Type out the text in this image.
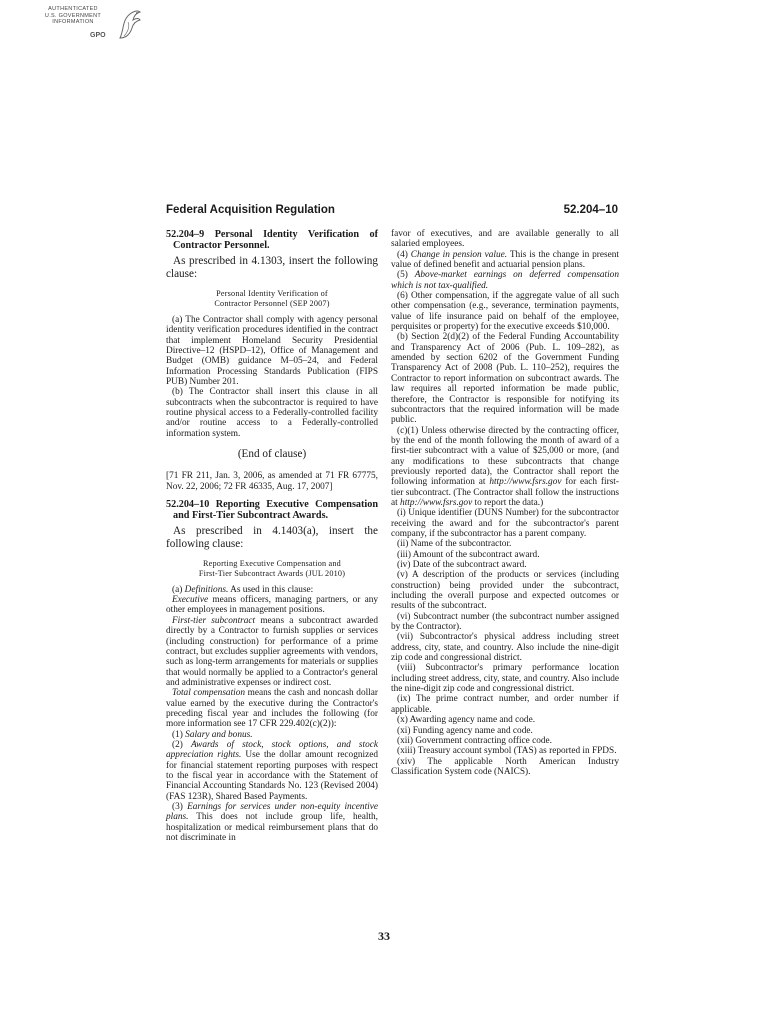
AUTHENTICATED
U.S. GOVERNMENT
INFORMATION
GPO
Federal Acquisition Regulation	52.204–10

52.204–9 Personal Identity Verification of Contractor Personnel.

As prescribed in 4.1303, insert the following clause:

Personal Identity Verification of
Contractor Personnel (SEP 2007)

(a) The Contractor shall comply with agency personal identity verification procedures identified in the contract that implement Homeland Security Presidential Directive–12 (HSPD–12), Office of Management and Budget (OMB) guidance M–05–24, and Federal Information Processing Standards Publication (FIPS PUB) Number 201.

(b) The Contractor shall insert this clause in all subcontracts when the subcontractor is required to have routine physical access to a Federally-controlled facility and/or routine access to a Federally-controlled information system.

(End of clause)

[71 FR 211, Jan. 3, 2006, as amended at 71 FR 67775, Nov. 22, 2006; 72 FR 46335, Aug. 17, 2007]

52.204–10 Reporting Executive Compensation and First-Tier Subcontract Awards.

As prescribed in 4.1403(a), insert the following clause:

Reporting Executive Compensation and
First-Tier Subcontract Awards (JUL 2010)

(a) Definitions. As used in this clause:

Executive means officers, managing partners, or any other employees in management positions.

First-tier subcontract means a subcontract awarded directly by a Contractor to furnish supplies or services (including construction) for performance of a prime contract, but excludes supplier agreements with vendors, such as long-term arrangements for materials or supplies that would normally be applied to a Contractor's general and administrative expenses or indirect cost.

Total compensation means the cash and noncash dollar value earned by the executive during the Contractor's preceding fiscal year and includes the following (for more information see 17 CFR 229.402(c)(2)):

(1) Salary and bonus.

(2) Awards of stock, stock options, and stock appreciation rights. Use the dollar amount recognized for financial statement reporting purposes with respect to the fiscal year in accordance with the Statement of Financial Accounting Standards No. 123 (Revised 2004) (FAS 123R), Shared Based Payments.

(3) Earnings for services under non-equity incentive plans. This does not include group life, health, hospitalization or medical reimbursement plans that do not discriminate in

favor of executives, and are available generally to all salaried employees.

(4) Change in pension value. This is the change in present value of defined benefit and actuarial pension plans.

(5) Above-market earnings on deferred compensation which is not tax-qualified.

(6) Other compensation, if the aggregate value of all such other compensation (e.g., severance, termination payments, value of life insurance paid on behalf of the employee, perquisites or property) for the executive exceeds $10,000.

(b) Section 2(d)(2) of the Federal Funding Accountability and Transparency Act of 2006 (Pub. L. 109–282), as amended by section 6202 of the Government Funding Transparency Act of 2008 (Pub. L. 110–252), requires the Contractor to report information on subcontract awards. The law requires all reported information be made public, therefore, the Contractor is responsible for notifying its subcontractors that the required information will be made public.

(c)(1) Unless otherwise directed by the contracting officer, by the end of the month following the month of award of a first-tier subcontract with a value of $25,000 or more, (and any modifications to these subcontracts that change previously reported data), the Contractor shall report the following information at http://www.fsrs.gov for each first-tier subcontract. (The Contractor shall follow the instructions at http://www.fsrs.gov to report the data.)

(i) Unique identifier (DUNS Number) for the subcontractor receiving the award and for the subcontractor's parent company, if the subcontractor has a parent company.

(ii) Name of the subcontractor.

(iii) Amount of the subcontract award.

(iv) Date of the subcontract award.

(v) A description of the products or services (including construction) being provided under the subcontract, including the overall purpose and expected outcomes or results of the subcontract.

(vi) Subcontract number (the subcontract number assigned by the Contractor).

(vii) Subcontractor's physical address including street address, city, state, and country. Also include the nine-digit zip code and congressional district.

(viii) Subcontractor's primary performance location including street address, city, state, and country. Also include the nine-digit zip code and congressional district.

(ix) The prime contract number, and order number if applicable.

(x) Awarding agency name and code.

(xi) Funding agency name and code.

(xii) Government contracting office code.

(xiii) Treasury account symbol (TAS) as reported in FPDS.

(xiv) The applicable North American Industry Classification System code (NAICS).

33
